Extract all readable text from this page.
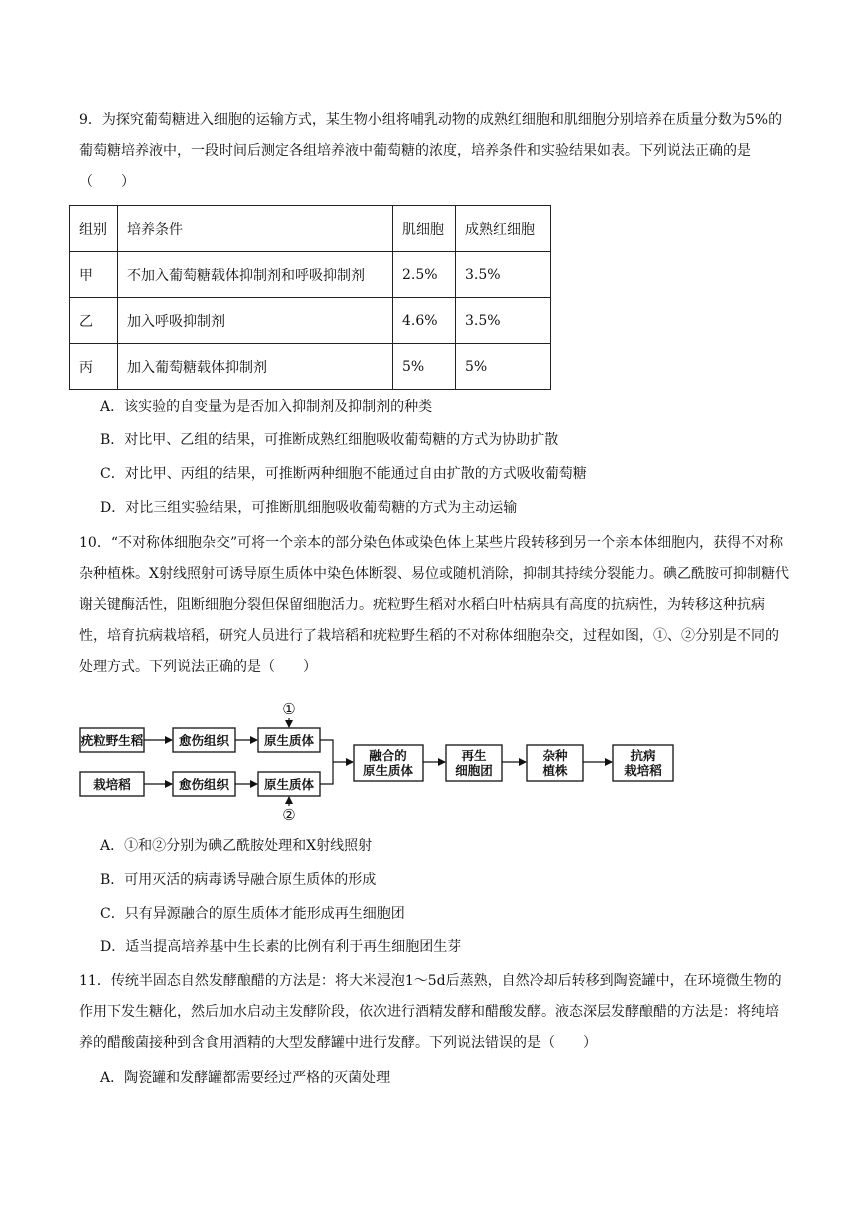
9．为探究葡萄糖进入细胞的运输方式，某生物小组将哺乳动物的成熟红细胞和肌细胞分别培养在质量分数为5%的葡萄糖培养液中，一段时间后测定各组培养液中葡萄糖的浓度，培养条件和实验结果如表。下列说法正确的是（　　）

组别	培养条件	肌细胞	成熟红细胞
甲	不加入葡萄糖载体抑制剂和呼吸抑制剂	2.5%	3.5%
乙	加入呼吸抑制剂	4.6%	3.5%
丙	加入葡萄糖载体抑制剂	5%	5%
A．该实验的自变量为是否加入抑制剂及抑制剂的种类
B．对比甲、乙组的结果，可推断成熟红细胞吸收葡萄糖的方式为协助扩散
C．对比甲、丙组的结果，可推断两种细胞不能通过自由扩散的方式吸收葡萄糖
D．对比三组实验结果，可推断肌细胞吸收葡萄糖的方式为主动运输

10．“不对称体细胞杂交”可将一个亲本的部分染色体或染色体上某些片段转移到另一个亲本体细胞内，获得不对称杂种植株。X射线照射可诱导原生质体中染色体断裂、易位或随机消除，抑制其持续分裂能力。碘乙酰胺可抑制糖代谢关键酶活性，阻断细胞分裂但保留细胞活力。疣粒野生稻对水稻白叶枯病具有高度的抗病性，为转移这种抗病性，培育抗病栽培稻，研究人员进行了栽培稻和疣粒野生稻的不对称体细胞杂交，过程如图，①、②分别是不同的处理方式。下列说法正确的是（　　）

疣粒野生稻	愈伤组织	原生质体
①
栽培稻	愈伤组织	原生质体
②
融合的
原生质体
再生
细胞团
杂种
植株
抗病
栽培稻
A．①和②分别为碘乙酰胺处理和X射线照射
B．可用灭活的病毒诱导融合原生质体的形成
C．只有异源融合的原生质体才能形成再生细胞团
D．适当提高培养基中生长素的比例有利于再生细胞团生芽

11．传统半固态自然发酵酿醋的方法是：将大米浸泡1～5d后蒸熟，自然冷却后转移到陶瓷罐中，在环境微生物的作用下发生糖化，然后加水启动主发酵阶段，依次进行酒精发酵和醋酸发酵。液态深层发酵酿醋的方法是：将纯培养的醋酸菌接种到含食用酒精的大型发酵罐中进行发酵。下列说法错误的是（　　）

A．陶瓷罐和发酵罐都需要经过严格的灭菌处理
